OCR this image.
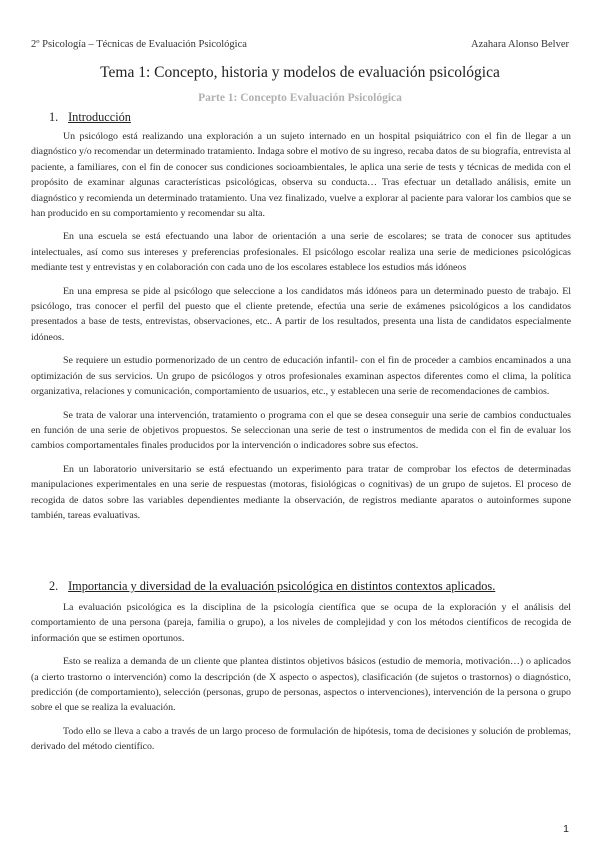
2º Psicología – Técnicas de Evaluación Psicológica	Azahara Alonso Belver
Tema 1: Concepto, historia y modelos de evaluación psicológica
Parte 1: Concepto Evaluación Psicológica
1. Introducción

Un psicólogo está realizando una exploración a un sujeto internado en un hospital psiquiátrico con el fin de llegar a un diagnóstico y/o recomendar un determinado tratamiento. Indaga sobre el motivo de su ingreso, recaba datos de su biografía, entrevista al paciente, a familiares, con el fin de conocer sus condiciones socioambientales, le aplica una serie de tests y técnicas de medida con el propósito de examinar algunas características psicológicas, observa su conducta… Tras efectuar un detallado análisis, emite un diagnóstico y recomienda un determinado tratamiento. Una vez finalizado, vuelve a explorar al paciente para valorar los cambios que se han producido en su comportamiento y recomendar su alta.

En una escuela se está efectuando una labor de orientación a una serie de escolares; se trata de conocer sus aptitudes intelectuales, así como sus intereses y preferencias profesionales. El psicólogo escolar realiza una serie de mediciones psicológicas mediante test y entrevistas y en colaboración con cada uno de los escolares establece los estudios más idóneos

En una empresa se pide al psicólogo que seleccione a los candidatos más idóneos para un determinado puesto de trabajo. El psicólogo, tras conocer el perfil del puesto que el cliente pretende, efectúa una serie de exámenes psicológicos a los candidatos presentados a base de tests, entrevistas, observaciones, etc.. A partir de los resultados, presenta una lista de candidatos especialmente idóneos.

Se requiere un estudio pormenorizado de un centro de educación infantil- con el fin de proceder a cambios encaminados a una optimización de sus servicios. Un grupo de psicólogos y otros profesionales examinan aspectos diferentes como el clima, la política organizativa, relaciones y comunicación, comportamiento de usuarios, etc., y establecen una serie de recomendaciones de cambios.

Se trata de valorar una intervención, tratamiento o programa con el que se desea conseguir una serie de cambios conductuales en función de una serie de objetivos propuestos. Se seleccionan una serie de test o instrumentos de medida con el fin de evaluar los cambios comportamentales finales producidos por la intervención o indicadores sobre sus efectos.

En un laboratorio universitario se está efectuando un experimento para tratar de comprobar los efectos de determinadas manipulaciones experimentales en una serie de respuestas (motoras, fisiológicas o cognitivas) de un grupo de sujetos. El proceso de recogida de datos sobre las variables dependientes mediante la observación, de registros mediante aparatos o autoinformes supone también, tareas evaluativas.

2. Importancia y diversidad de la evaluación psicológica en distintos contextos aplicados.

La evaluación psicológica es la disciplina de la psicología científica que se ocupa de la exploración y el análisis del comportamiento de una persona (pareja, familia o grupo), a los niveles de complejidad y con los métodos científicos de recogida de información que se estimen oportunos.

Esto se realiza a demanda de un cliente que plantea distintos objetivos básicos (estudio de memoria, motivación…) o aplicados (a cierto trastorno o intervención) como la descripción (de X aspecto o aspectos), clasificación (de sujetos o trastornos) o diagnóstico, predicción (de comportamiento), selección (personas, grupo de personas, aspectos o intervenciones), intervención de la persona o grupo sobre el que se realiza la evaluación.

Todo ello se lleva a cabo a través de un largo proceso de formulación de hipótesis, toma de decisiones y solución de problemas, derivado del método científico.

1
